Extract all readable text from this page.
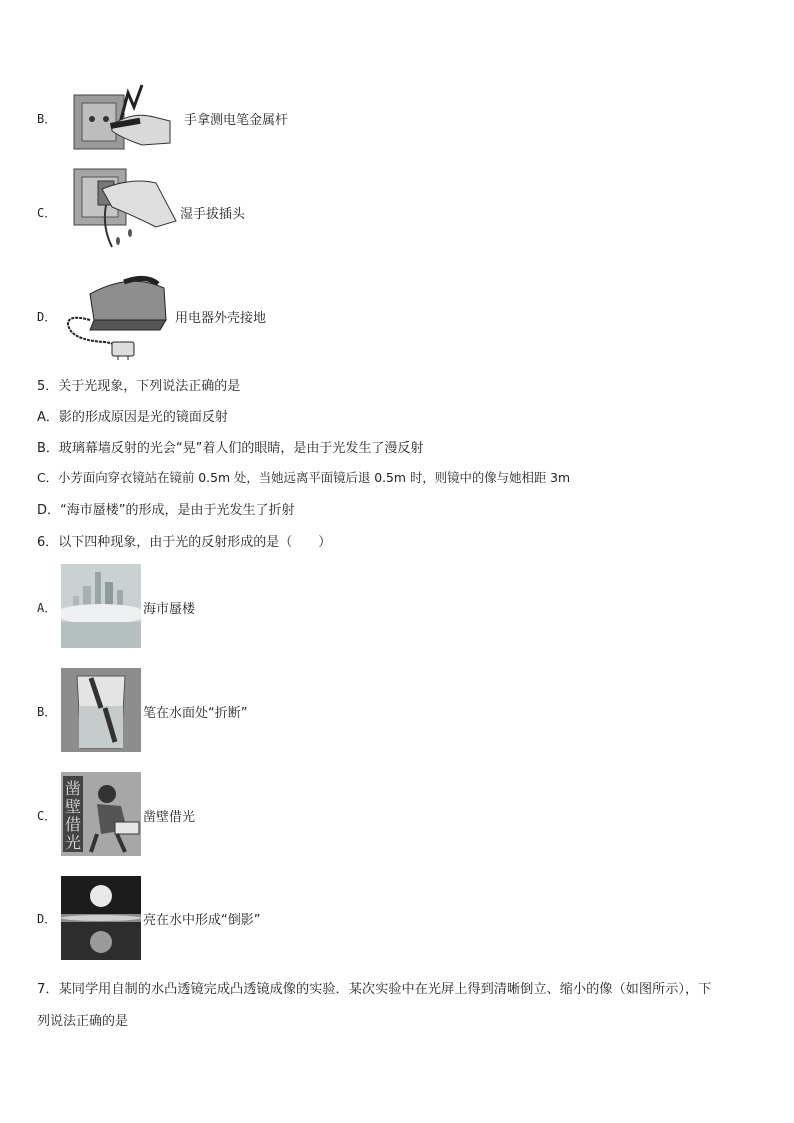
B．	手拿测电笔金属杆
C．	湿手拔插头
D．	用电器外壳接地
5．关于光现象，下列说法正确的是
A．影的形成原因是光的镜面反射
B．玻璃幕墙反射的光会“晃”着人们的眼睛，是由于光发生了漫反射
C．小芳面向穿衣镜站在镜前 0.5m 处，当她远离平面镜后退 0.5m 时，则镜中的像与她相距 3m
D．“海市蜃楼”的形成，是由于光发生了折射
6．以下四种现象，由于光的反射形成的是（　　）
A．	海市蜃楼
B．	笔在水面处“折断”
C．
凿
壁
借
光
凿壁借光
D．	亮在水中形成“倒影”
7．某同学用自制的水凸透镜完成凸透镜成像的实验．某次实验中在光屏上得到清晰倒立、缩小的像（如图所示），下
列说法正确的是
